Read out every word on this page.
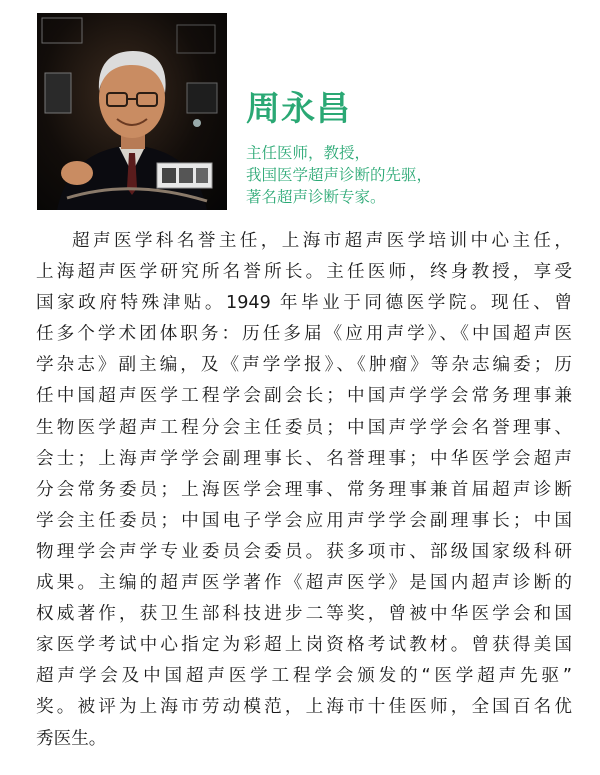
周永昌
主任医师，教授，
我国医学超声诊断的先驱，
著名超声诊断专家。
超声医学科名誉主任，上海市超声医学培训中心主任，
上海超声医学研究所名誉所长。主任医师，终身教授，享受
国家政府特殊津贴。1949 年毕业于同德医学院。现任、曾
任多个学术团体职务：历任多届《应用声学》、《中国超声医
学杂志》副主编，及《声学学报》、《肿瘤》等杂志编委；历
任中国超声医学工程学会副会长；中国声学学会常务理事兼
生物医学超声工程分会主任委员；中国声学学会名誉理事、
会士；上海声学学会副理事长、名誉理事；中华医学会超声
分会常务委员；上海医学会理事、常务理事兼首届超声诊断
学会主任委员；中国电子学会应用声学学会副理事长；中国
物理学会声学专业委员会委员。获多项市、部级国家级科研
成果。主编的超声医学著作《超声医学》是国内超声诊断的
权威著作，获卫生部科技进步二等奖，曾被中华医学会和国
家医学考试中心指定为彩超上岗资格考试教材。曾获得美国
超声学会及中国超声医学工程学会颁发的“医学超声先驱”
奖。被评为上海市劳动模范，上海市十佳医师，全国百名优
秀医生。
